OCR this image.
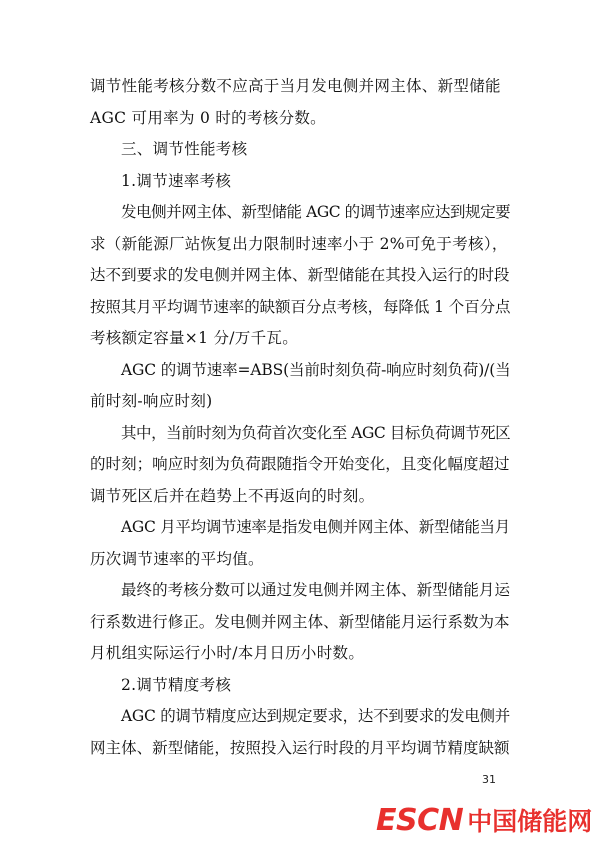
调节性能考核分数不应高于当月发电侧并网主体、新型储能

AGC 可用率为 0 时的考核分数。

三、调节性能考核

1.调节速率考核

发电侧并网主体、新型储能 AGC 的调节速率应达到规定要

求（新能源厂站恢复出力限制时速率小于 2%可免于考核），

达不到要求的发电侧并网主体、新型储能在其投入运行的时段

按照其月平均调节速率的缺额百分点考核，每降低 1 个百分点

考核额定容量×1 分/万千瓦。

AGC 的调节速率=ABS(当前时刻负荷-响应时刻负荷)/(当

前时刻-响应时刻)

其中，当前时刻为负荷首次变化至 AGC 目标负荷调节死区

的时刻；响应时刻为负荷跟随指令开始变化，且变化幅度超过

调节死区后并在趋势上不再返向的时刻。

AGC 月平均调节速率是指发电侧并网主体、新型储能当月

历次调节速率的平均值。

最终的考核分数可以通过发电侧并网主体、新型储能月运

行系数进行修正。发电侧并网主体、新型储能月运行系数为本

月机组实际运行小时/本月日历小时数。

2.调节精度考核

AGC 的调节精度应达到规定要求，达不到要求的发电侧并

网主体、新型储能，按照投入运行时段的月平均调节精度缺额

31
ESCN 中国储能网
